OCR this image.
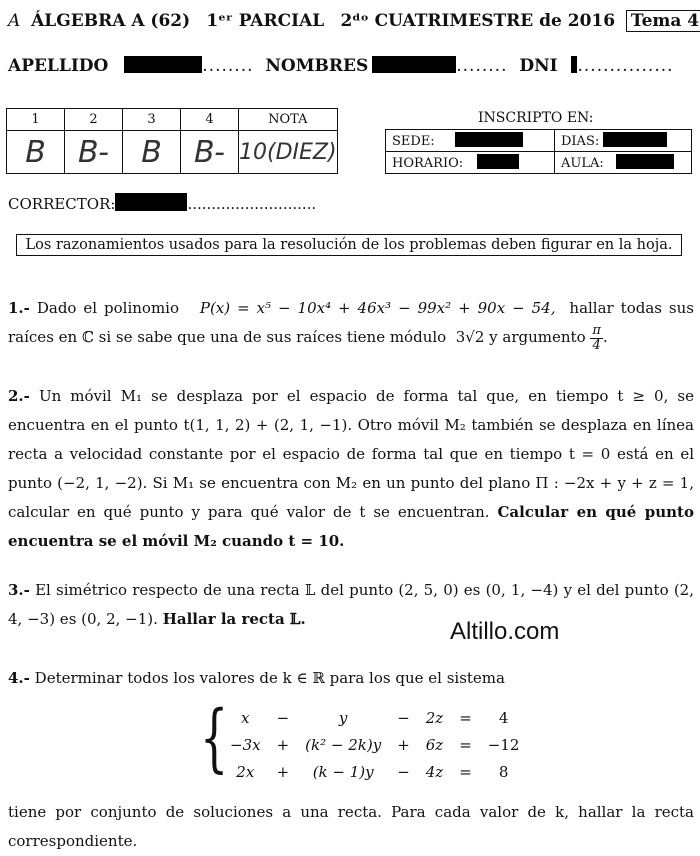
A ÁLGEBRA A (62) 1ᵉʳ PARCIAL 2ᵈᵒ CUATRIMESTRE de 2016 Tema 4
APELLIDO	........ NOMBRES	........ DNI ...............
1	2	3	4	NOTA
B	B-	B	B-	10(DIEZ)
INSCRIPTO EN:
SEDE:	DIAS:
HORARIO:	AULA:
CORRECTOR:	...........................
Los razonamientos usados para la resolución de los problemas deben figurar en la hoja.
1.- Dado el polinomio P(x) = x⁵ − 10x⁴ + 46x³ − 99x² + 90x − 54, hallar todas sus raíces en ℂ si se sabe que una de sus raíces tiene módulo 3√2 y argumento $\frac{\pi}{4}$ .
2.- Un móvil M₁ se desplaza por el espacio de forma tal que, en tiempo t ≥ 0, se encuentra en el punto t(1, 1, 2) + (2, 1, −1). Otro móvil M₂ también se desplaza en línea recta a velocidad constante por el espacio de forma tal que en tiempo t = 0 está en el punto (−2, 1, −2). Si M₁ se encuentra con M₂ en un punto del plano Π : −2x + y + z = 1, calcular en qué punto y para qué valor de t se encuentran. Calcular en qué punto encuentra se el móvil M₂ cuando t = 10.
3.- El simétrico respecto de una recta 𝕃 del punto (2, 5, 0) es (0, 1, −4) y el del punto (2, 4, −3) es (0, 2, −1). Hallar la recta 𝕃.	Altillo.com
4.- Determinar todos los valores de k ∈ ℝ para los que el sistema
{ x	−	y	−	2z	=	4
−3x	+	(k² − 2k)y	+	6z	=	−12
2x	+	(k − 1)y	−	4z	=	8
tiene por conjunto de soluciones a una recta. Para cada valor de k, hallar la recta correspondiente.
